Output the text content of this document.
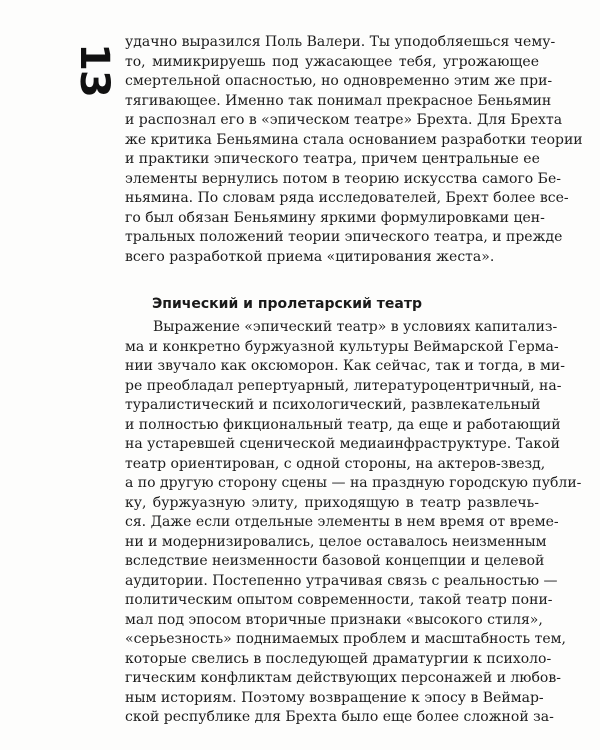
13
удачно выразился Поль Валери. Ты уподобляешься чему-
то, мимикрируешь под ужасающее тебя, угрожающее
смертельной опасностью, но одновременно этим же при-
тягивающее. Именно так понимал прекрасное Беньямин
и распознал его в «эпическом театре» Брехта. Для Брехта
же критика Беньямина стала основанием разработки теории
и практики эпического театра, причем центральные ее
элементы вернулись потом в теорию искусства самого Бе-
ньямина. По словам ряда исследователей, Брехт более все-
го был обязан Беньямину яркими формулировками цен-
тральных положений теории эпического театра, и прежде
всего разработкой приема «цитирования жеста».
Эпический и пролетарский театр
Выражение «эпический театр» в условиях капитализ-
ма и конкретно буржуазной культуры Веймарской Герма-
нии звучало как оксюморон. Как сейчас, так и тогда, в ми-
ре преобладал репертуарный, литературоцентричный, на-
туралистический и психологический, развлекательный
и полностью фикциональный театр, да еще и работающий
на устаревшей сценической медиаинфраструктуре. Такой
театр ориентирован, с одной стороны, на актеров-звезд,
а по другую сторону сцены — на праздную городскую публи-
ку, буржуазную элиту, приходящую в театр развлечь-
ся. Даже если отдельные элементы в нем время от време-
ни и модернизировались, целое оставалось неизменным
вследствие неизменности базовой концепции и целевой
аудитории. Постепенно утрачивая связь с реальностью —
политическим опытом современности, такой театр пони-
мал под эпосом вторичные признаки «высокого стиля»,
«серьезность» поднимаемых проблем и масштабность тем,
которые свелись в последующей драматургии к психоло-
гическим конфликтам действующих персонажей и любов-
ным историям. Поэтому возвращение к эпосу в Веймар-
ской республике для Брехта было еще более сложной за-
